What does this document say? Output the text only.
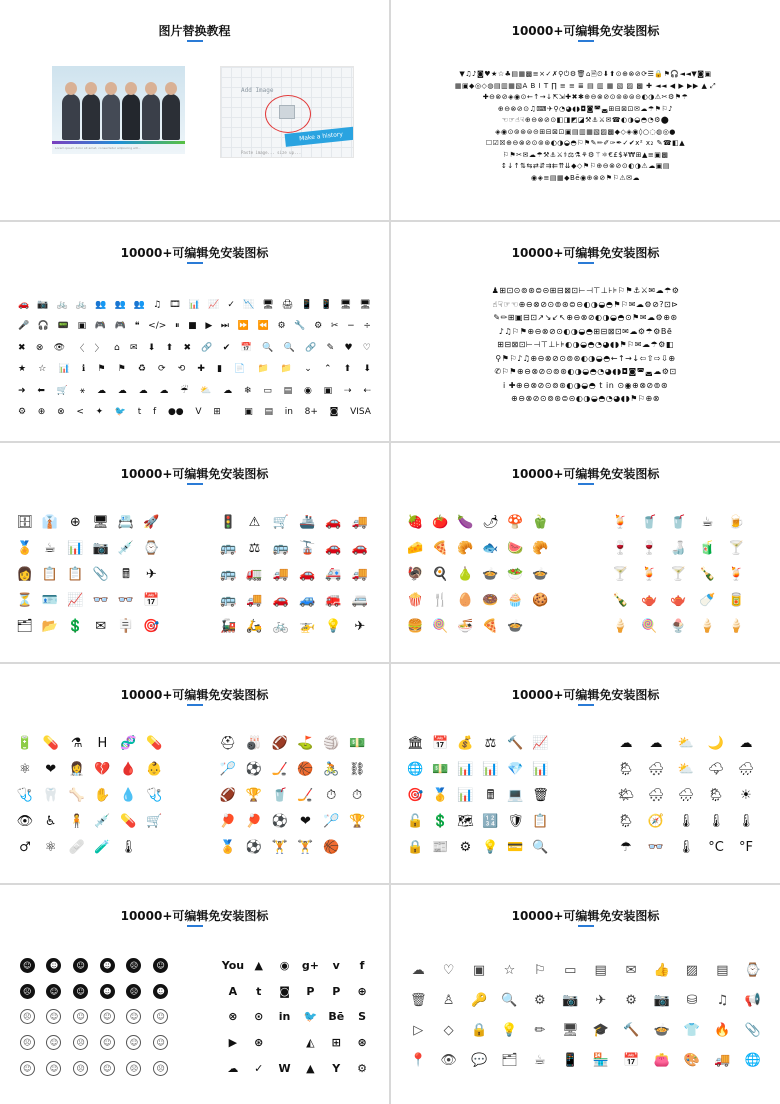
图片替换教程
Lorem ipsum dolor sit amet, consectetur adipiscing elit...
Add Image
Make a history
Paste image... size up...
10000+可编辑免安装图标
▼♫♪◙♥★☆♣▤▦▩≡×✓✗⚲⏻⚙🗑⌂🗎⏲⬇⬆⊙⊕⊗⊘⟳☰🔒⚑🎧◄◄▼◙▣
▦▣◆◎◇◍▤▥▦▧A B I T ∏ ≡ ≡ ≣ ▤ ▥ ▦ ▧ ▨ ▩ ✚ ◄◄ ◀ ▶ ▶▶ ▲ ⤢
✚⊖⊗⊘◈◉⊙←↑→↓⇱⇲✚✖✱⊕⊖⊗⊘⊙⊚⊛⊜⊝◐◑⚠✂⚙⚑☂
⊕⊖⊗⊘⊙♫⌨✈⚲◔◕◖◗◘◙◚◛⊞⊟⊠⊡✉☁☂⚑⚐♪
☜☞☝☟⊕⊖⊗⊘⊙◧◨◩◪⚒⚓⚔✉☎◐◑◒◓◔⚙⬤
◈◉⊙⊚⊛⊜⊝⊞⊟⊠⊡▣▤▥▦▧▨▩◆◇◈◉◊○◌◍◎●
☐☑☒⊕⊖⊗⊘⊙⊚⊛◐◑◒◓⚐⚑✎✏✐✑✒✓✔x² x₂ ✎☎◧▲
⚐⚑✂✉☁☂⚒⚓⚔⚕⚖⚗⚘⚙⚚⚛€£$¥₩⊞▲≡▣▩
↕↓↑⇅⇆⇄⇵⇉⇇⇈⇊◆◇⚑⚐⊕⊖⊗⊘⊙◐◑⚠☁▣▤
◉◈≡▤▦◆Bē◉⊕⊗⊘⚑⚐⚠✉☁
10000+可编辑免安装图标
🚗 📷 🚲 🚲 👥 👥 👥 ♫ 🎞 📊 📈 ✓ 📉 🖥 🖨 📱 📱 🖥 🖥
🎤 🎧 📟 ▣ 🎮 🎮 ❝ </> ⏸ ■ ▶ ⏭ ⏩ ⏪ ⚙ 🔧 ⚙ ✂ − ÷
✖ ⊗ 👁 〈 〉 ⌂ ✉ ⬇ ⬆ ✖ 🔗 ✔ 📅 🔍 🔍 🔗 ✎ ♥ ♡
★ ☆ 📊 ℹ ⚑ ⚑ ♻ ⟳ ⟲ ✚ ▮ 📄 📁 📁 ⌄ ⌃ ⬆ ⬇
➜ ⬅ 🛒 ⚹ ☁ ☁ ☁ ☁ ☔ ⛅ ☁ ❄ ▭ ▤ ◉ ▣ ⇢ ⇠
⚙ ⊕ ⊗ < ✦ 🐦 t f ●● V ⊞	▣ ▤ in 8+ ◙ VISA
10000+可编辑免安装图标
♟⊞⊡⊙⊚⊛⊜⊝⊞⊟⊠⊡⊢⊣⊤⊥⊦⊧⚐⚑⚓⚔✉☁☂⚙
☝☟☞☜⊕⊖⊗⊘⊙⊚⊛⊜⊝◐◑◒◓⚑⚐✉☁⚙⊘?⊡⊳
✎✏⊞▣⊟⊡↗↘↙↖⊕⊖⊗⊘◐◑◒◓⊙⚑✉☁⚙⊕⊛
♪♫⚐⚑⊕⊖⊗⊘⊙◐◑◒◓⊞⊟⊠⊡✉☁⚙☂⚙Bē
⊞⊟⊠⊡⊢⊣⊤⊥⊦⊧◐◑◒◓◔◕◖◗⚑⚐✉☁☂⚙◧
⚲⚑⚐♪♫⊕⊖⊗⊘⊙⊚⊛◐◑◒◓←↑→↓⇦⇧⇨⇩⊕
✆⚐⚑⊕⊖⊗⊘⊙⊚⊛◐◑◒◓◔◕◖◗◘◙◚◛☁⚙⊡
i ✚⊕⊖⊗⊘⊙⊚⊛◐◑◒◓ t in ⊙◉⊕⊗⊘⊚⊛
⊕⊖⊗⊘⊙⊚⊛⊜⊝◐◑◒◓◔◕◖◗⚑⚐⊕⊗
10000+可编辑免安装图标
🗄 👔 ⊕ 🖥 📇 🚀
🏅 ☕ 📊 📷 💉 ⌚
👩 📋 📋 📎 🖩 ✈
⏳ 🪪 📈 👓 👓 📅
🗂 📂 💲 ✉ 🪧 🎯
🚦 ⚠ 🛒 🚢 🚗 🚚
🚌 ⚖ 🚌 🚡 🚗 🚗
🚌 🚛 🚚 🚗 🚑 🚚
🚌 🚚 🚗 🚙 🚒 🚐
🚂 🛵 🚲 🚁 💡 ✈
10000+可编辑免安装图标
🍓 🍅 🍆 🌶 🍄 🫑
🧀 🍕 🥐 🐟 🍉 🥐
🦃 🍳 🍐 🍲 🥗 🍲
🍿 🍴 🥚 🍩 🧁 🍪
🍔 🍭 🍜 🍕 🍲
🍹 🥤 🥤 ☕ 🍺
🍷 🍷 🍶 🧃 🍸
🍸 🍹 🍸 🍾 🍹
🍾 🫖 🫖 🍼 🥫
🍦 🍭 🍨 🍦 🍦
10000+可编辑免安装图标
🔋 💊 ⚗ H 🧬 💊
⚛ ❤ 👩‍⚕ 💔 🩸 👶
🩺 🦷 🦴 ✋ 💧 🩺
👁 ♿ 🧍 💉 💊 🛒
♂ ⚛ 🩹 🧪 🌡
⛑ 🎳 🏈 ⛳ 🏐 💵
🏸 ⚽ 🏒 🏀 🚴 ⛓
🏈 🏆 🥤 🏒 ⏱ ⏱
🏓 🏓 ⚽ ❤ 🏸 🏆
🏅 ⚽ 🏋 🏋 🏀
10000+可编辑免安装图标
🏛 📅 💰 ⚖ 🔨 📈
🌐 💵 📊 📊 💎 📊
🎯 🥇 📊 🖩 💻 🗑
🔓 💲 🗺 🔢 🛡 📋
🔒 📰 ⚙ 💡 💳 🔍
☁ ☁ ⛅ 🌙 ☁
🌦 🌨 ⛅ 🌩 🌧
🌤 🌨 🌧 🌦 ☀
🌦 🧭 🌡 🌡 🌡
☂ 👓 🌡 °C °F
10000+可编辑免安装图标
☺	☻	☺	☻	☹	☺
☹	☺	☺	☻	☹	☻
☹	☺	☺	☺	☺	☺
☹	☺	☹	☺	☺	☺
☺	☺	☹	☺	☹	☹
You ▲ ◉ g+ v f
A t ◙ P P ⊕
⊗ ⊙ in 🐦 Bē S
▶ ⊛	◭ ⊞ ⊛
☁ ✓ W ▲ Y ⚙
10000+可编辑免安装图标
☁ ♡ ▣ ☆ ⚐ ▭ ▤ ✉ 👍 ▨ ▤ ⌚
🗑 ♙ 🔑 🔍 ⚙ 📷 ✈ ⚙ 📷 ⛁ ♫ 📢
▷ ◇ 🔒 💡 ✏ 🖥 🎓 🔨 🍲 👕 🔥 📎
📍 👁 💬 🗂 ☕ 📱 🏪 📅 👛 🎨 🚚 🌐
